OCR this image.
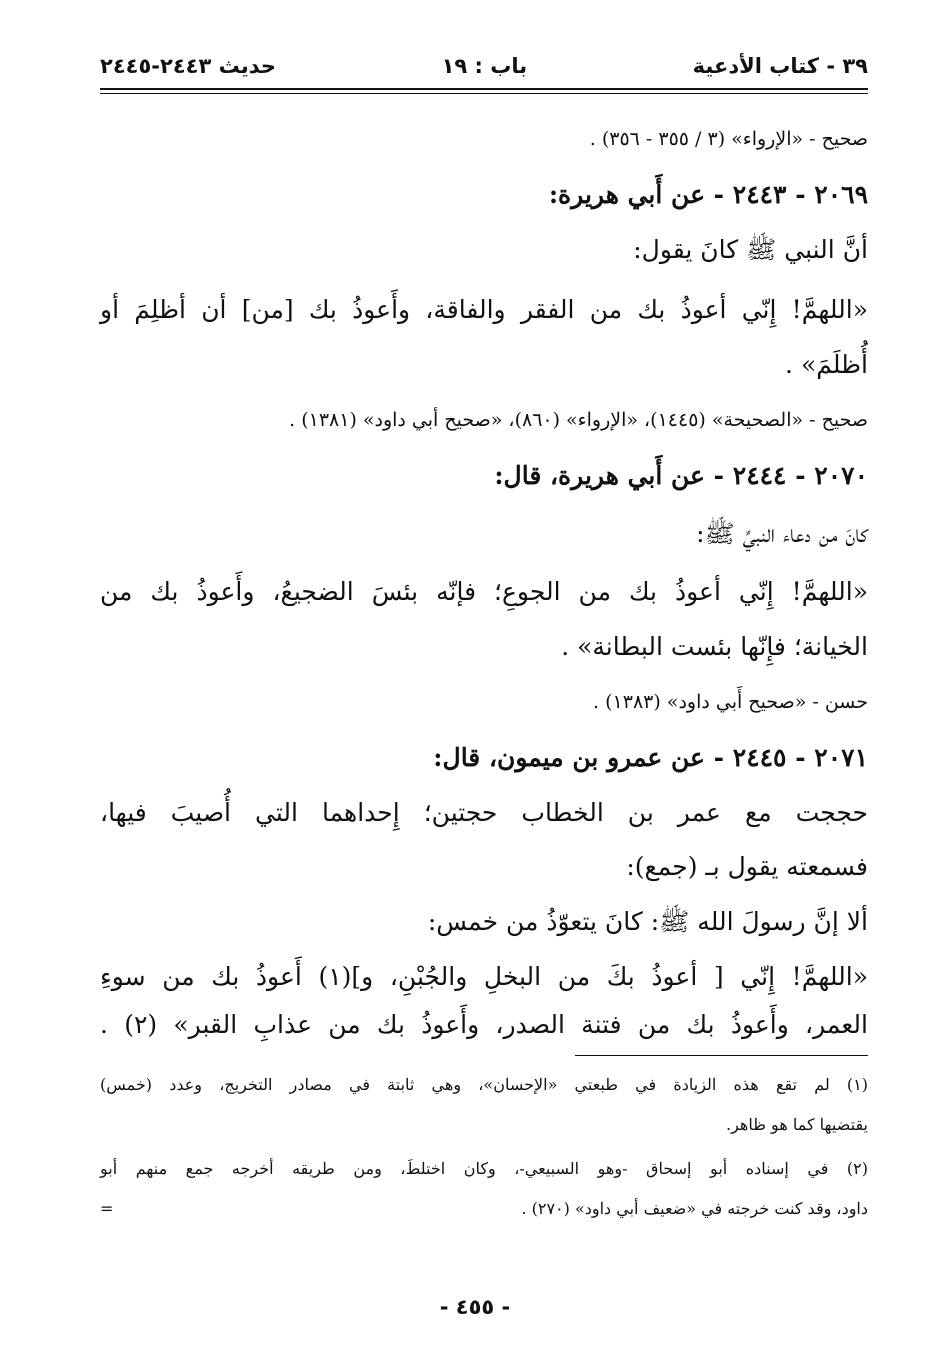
٣٩ - كتاب الأدعية
باب : ١٩
حديث ٢٤٤٣-٢٤٤٥
صحيح - «الإرواء» (٣ / ٣٥٥ - ٣٥٦) .
٢٠٦٩ - ٢٤٤٣ - عن أَبي هريرة:
أنَّ النبي ﷺ كانَ يقول:
«اللهمَّ! إِنّي أعوذُ بك من الفقر والفاقة، وأَعوذُ بك [من] أن أظلِمَ أو
أُظلَمَ» .
صحيح - «الصحيحة» (١٤٤٥)، «الإرواء» (٨٦٠)، «صحيح أبي داود» (١٣٨١) .
٢٠٧٠ - ٢٤٤٤ - عن أَبي هريرة، قال:
كانَ من دعاء النبيِّ ﷺ:
«اللهمَّ! إِنّي أعوذُ بك من الجوعِ؛ فإنّه بئسَ الضجيعُ، وأَعوذُ بك من
الخيانة؛ فإِنّها بئست البطانة» .
حسن - «صحيح أَبي داود» (١٣٨٣) .
٢٠٧١ - ٢٤٤٥ - عن عمرو بن ميمون، قال:
حججت مع عمر بن الخطاب حجتين؛ إِحداهما التي أُصيبَ فيها،
فسمعته يقول بـ (جمع):
ألا إنَّ رسولَ الله ﷺ: كانَ يتعوّذُ من خمس:
«اللهمَّ! إِنّي [ أعوذُ بكَ من البخلِ والجُبْنِ، و](١) أَعوذُ بك من سوءِ
العمر، وأَعوذُ بك من فتنة الصدر، وأَعوذُ بك من عذابِ القبر» (٢) .
(١) لم تقع هذه الزيادة في طبعتي «الإحسان»، وهي ثابتة في مصادر التخريج، وعدد (خمس)
يقتضيها كما هو ظاهر.
(٢) في إسناده أبو إسحاق -وهو السبيعي-، وكان اختلطَ، ومن طريقه أخرجه جمع منهم أبو
داود، وقد كنت خرجته في «ضعيف أبي داود» (٢٧٠) .
=
- ٤٥٥ -
